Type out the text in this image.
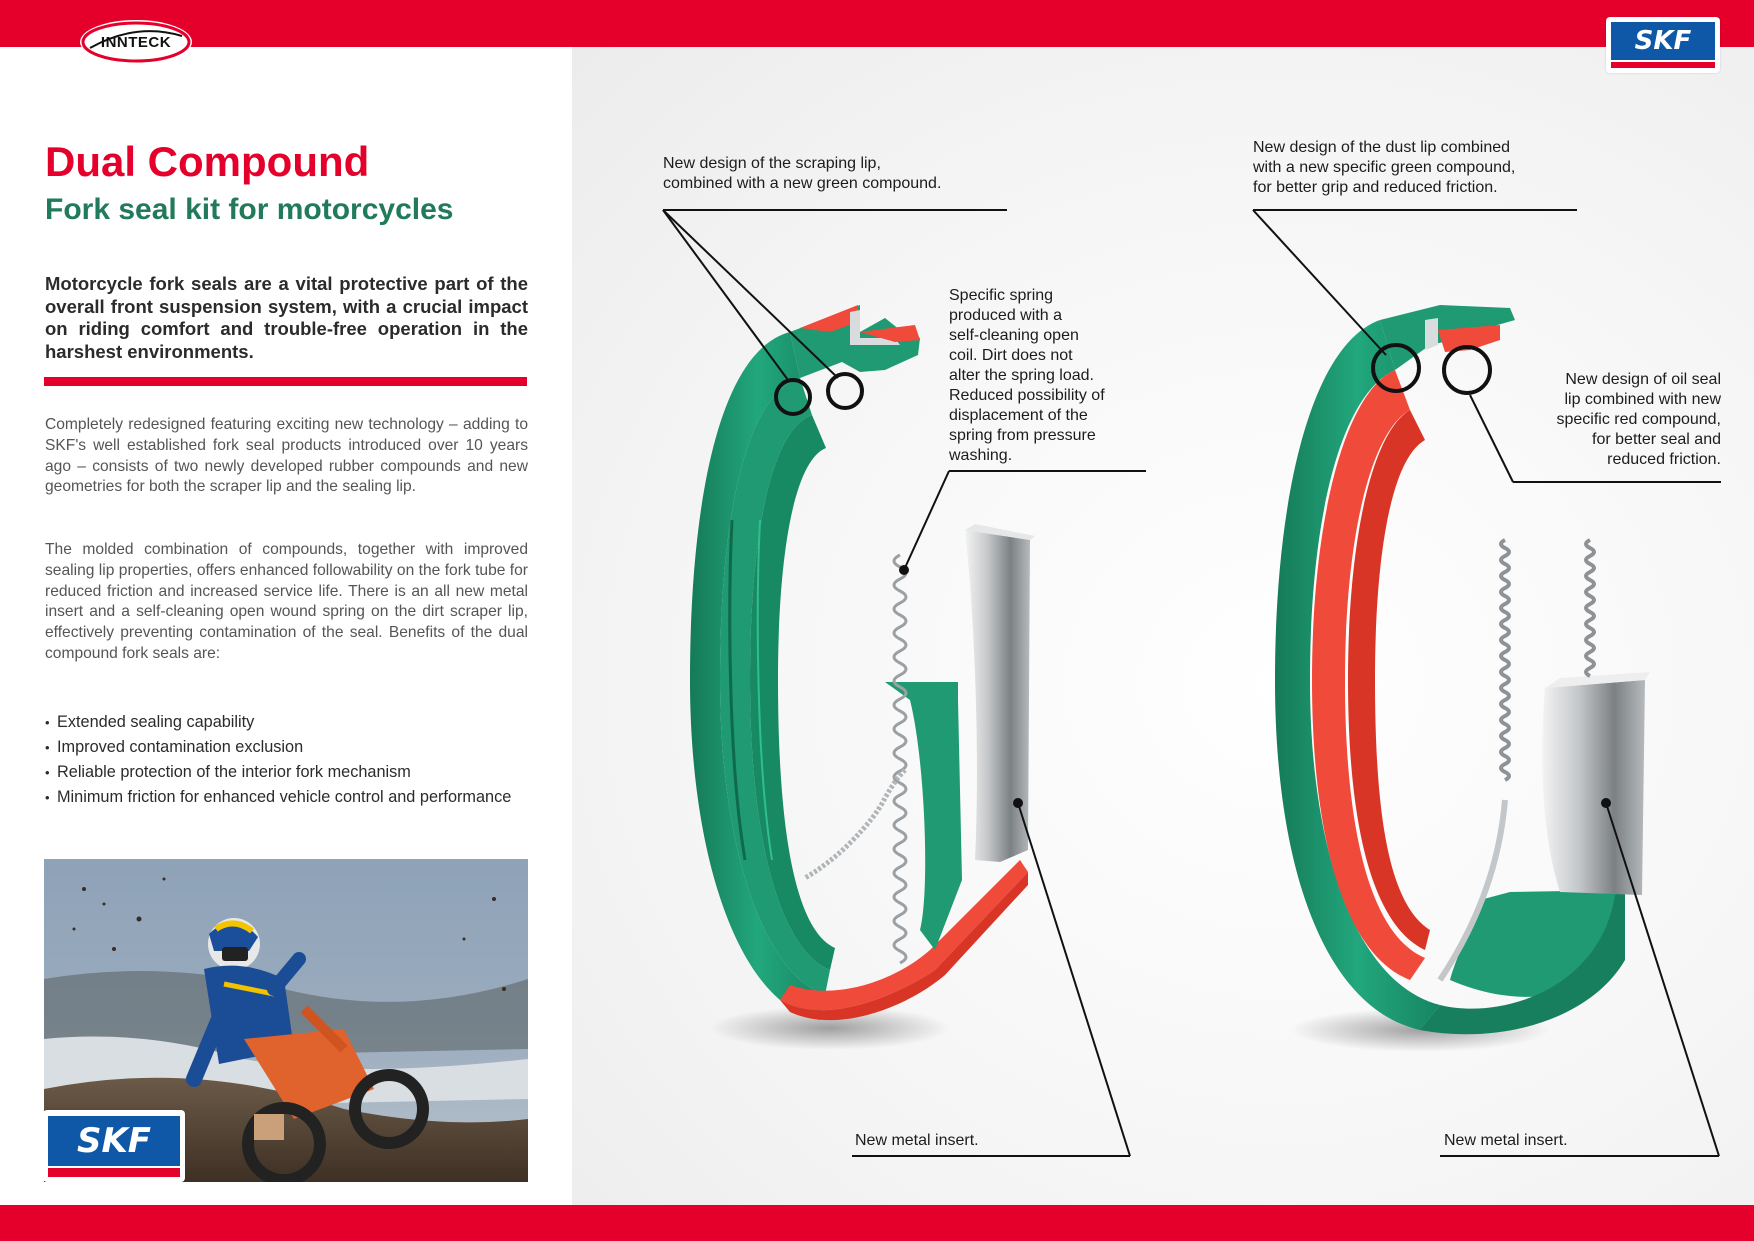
INNTECK	SKF
Dual Compound
Fork seal kit for motorcycles

Motorcycle fork seals are a vital protective part of the overall front suspension system, with a crucial impact on riding comfort and trouble-free operation in the harshest environments.

Completely redesigned featuring exciting new technology – adding to SKF's well established fork seal products introduced over 10 years ago – consists of two newly developed rubber compounds and new geometries for both the scraper lip and the sealing lip.

The molded combination of compounds, together with improved sealing lip properties, offers enhanced followability on the fork tube for reduced friction and increased service life. There is an all new metal insert and a self-cleaning open wound spring on the dirt scraper lip, effectively preventing contamination of the seal. Benefits of the dual compound fork seals are:

• Extended sealing capability
• Improved contamination exclusion
• Reliable protection of the interior fork mechanism
• Minimum friction for enhanced vehicle control and performance
SKF

New design of the scraping lip,
combined with a new green compound.

Specific spring
produced with a
self-cleaning open
coil. Dirt does not
alter the spring load.
Reduced possibility of
displacement of the
spring from pressure
washing.

New metal insert.

New design of the dust lip combined
with a new specific green compound,
for better grip and reduced friction.

New design of oil seal
lip combined with new
specific red compound,
for better seal and
reduced friction.

New metal insert.
